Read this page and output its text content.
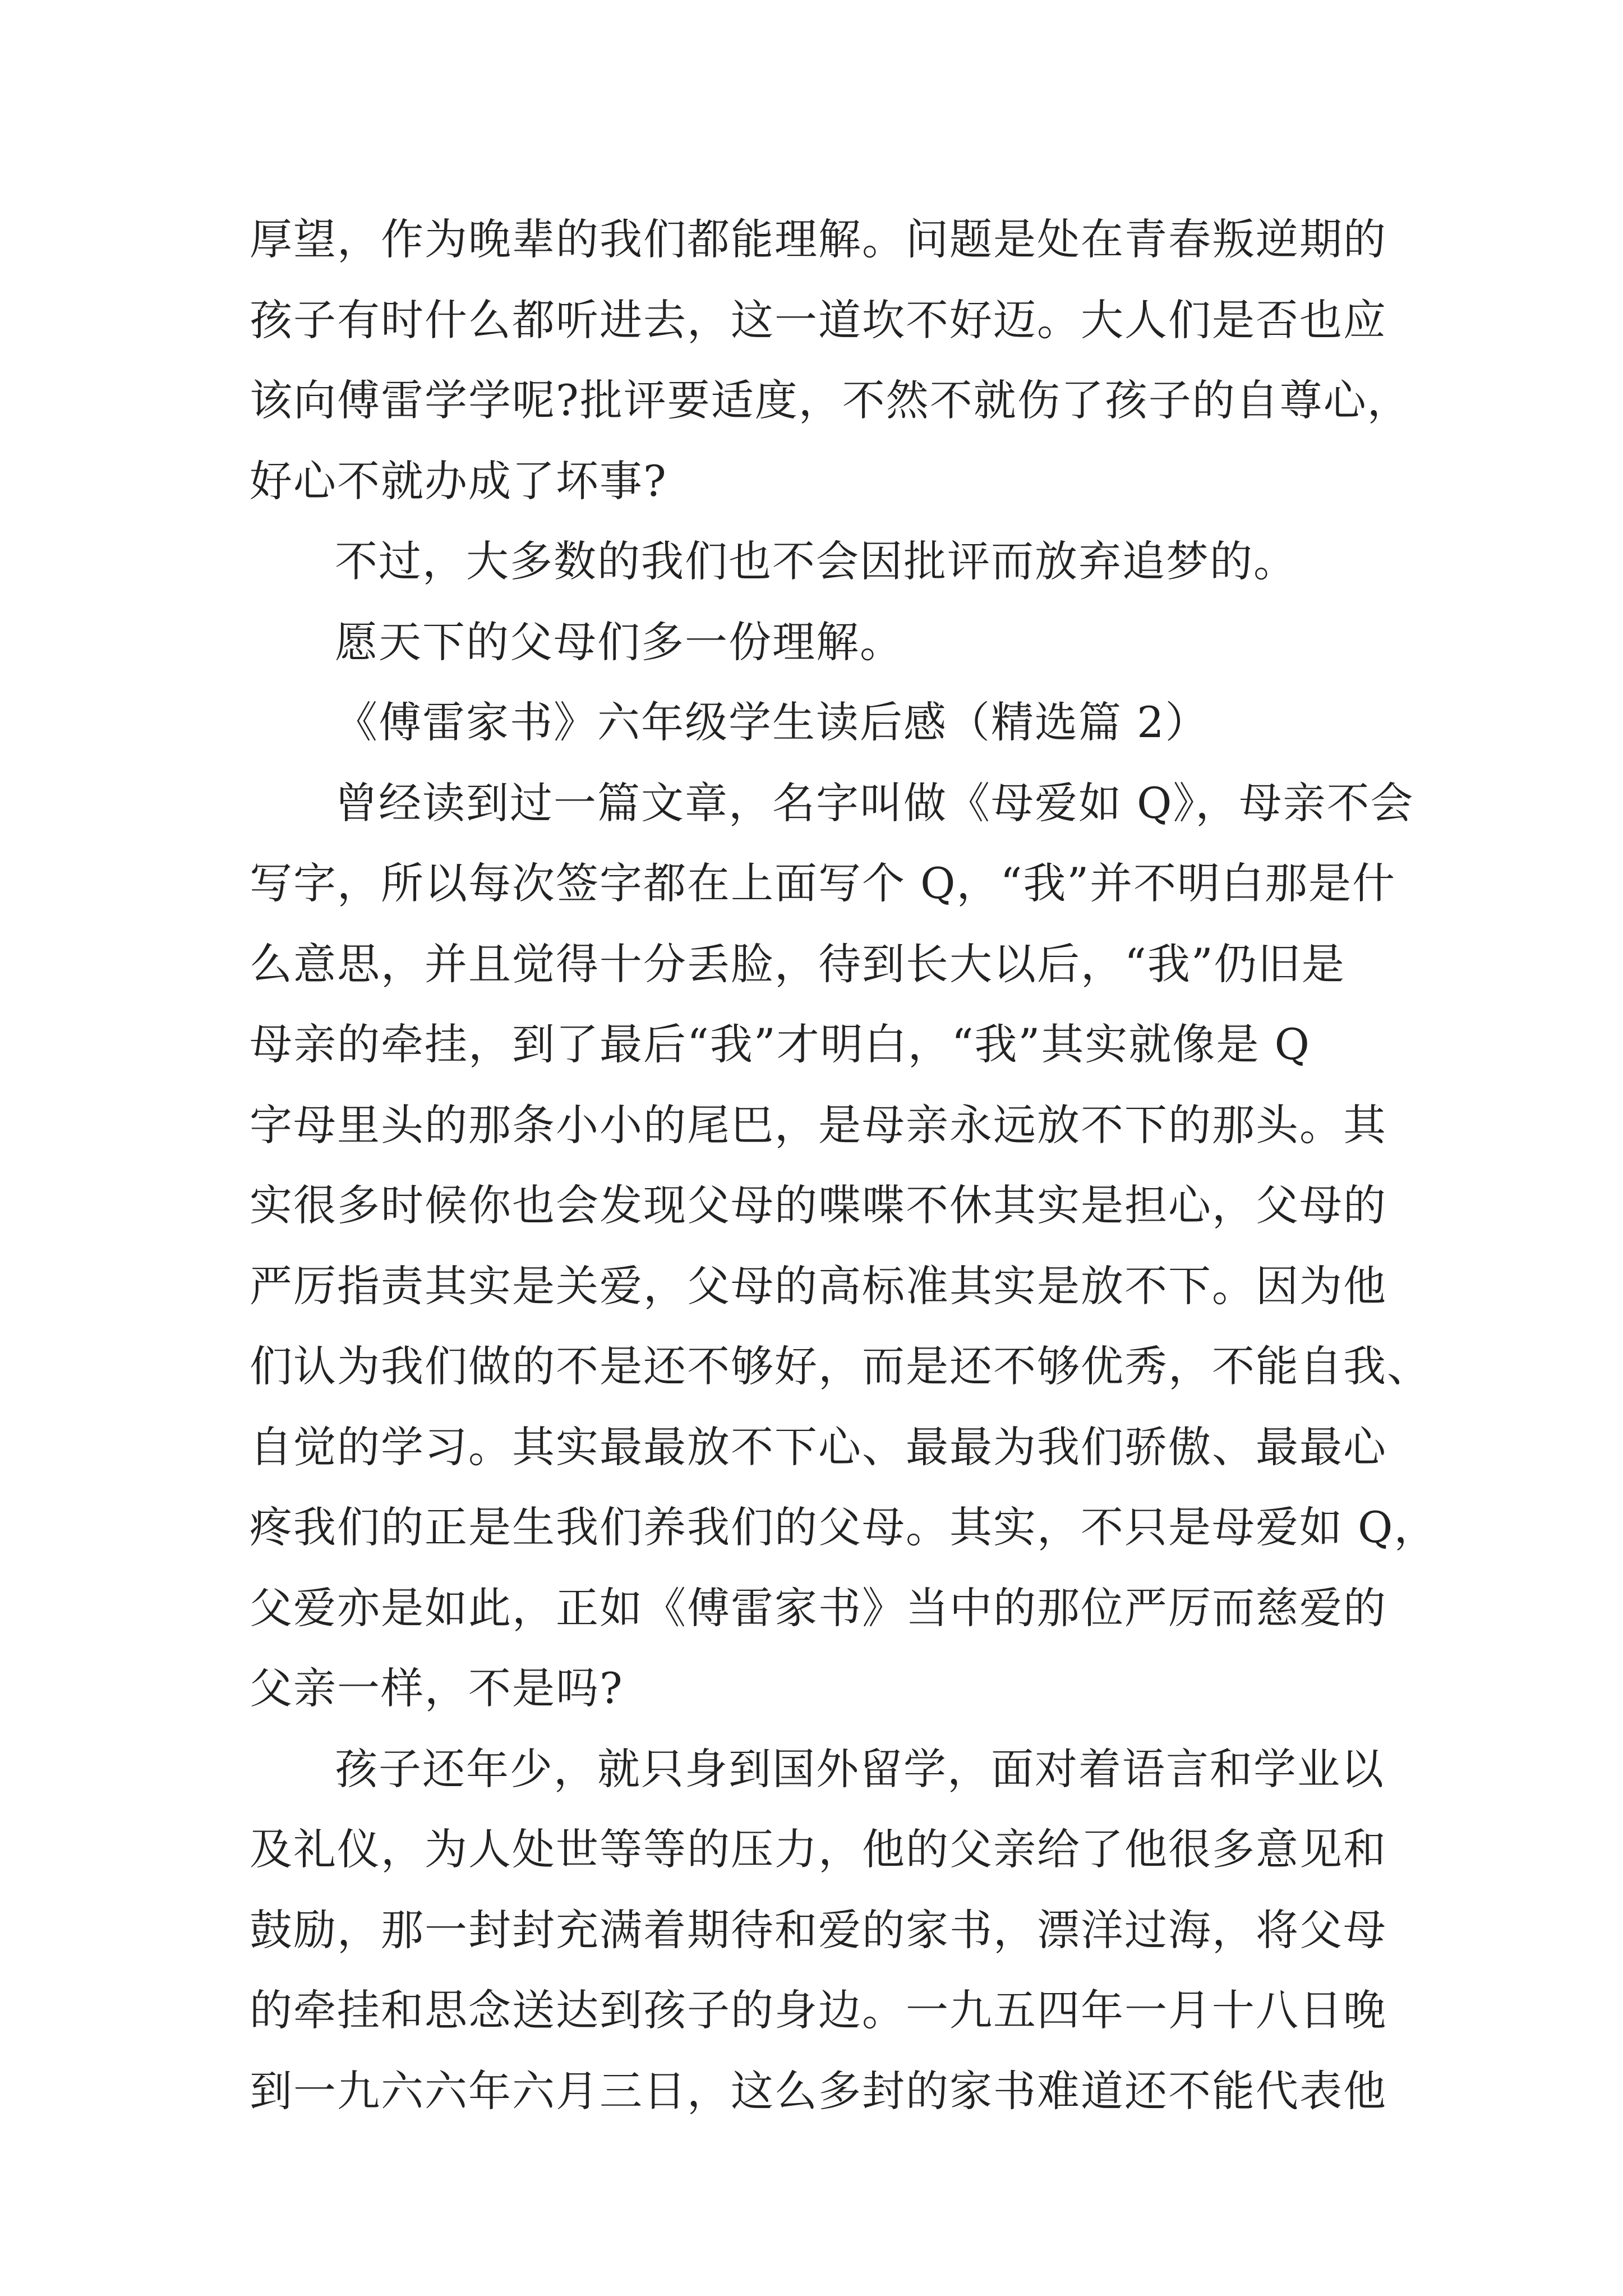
厚望，作为晚辈的我们都能理解。问题是处在青春叛逆期的
孩子有时什么都听进去，这一道坎不好迈。大人们是否也应
该向傅雷学学呢?批评要适度，不然不就伤了孩子的自尊心，
好心不就办成了坏事?
不过，大多数的我们也不会因批评而放弃追梦的。
愿天下的父母们多一份理解。
《傅雷家书》六年级学生读后感（精选篇 2）
曾经读到过一篇文章，名字叫做《母爱如 Q》，母亲不会
写字，所以每次签字都在上面写个 Q，“我”并不明白那是什
么意思，并且觉得十分丢脸，待到长大以后，“我”仍旧是
母亲的牵挂，到了最后“我”才明白，“我”其实就像是 Q
字母里头的那条小小的尾巴，是母亲永远放不下的那头。其
实很多时候你也会发现父母的喋喋不休其实是担心，父母的
严厉指责其实是关爱，父母的高标准其实是放不下。因为他
们认为我们做的不是还不够好，而是还不够优秀，不能自我、
自觉的学习。其实最最放不下心、最最为我们骄傲、最最心
疼我们的正是生我们养我们的父母。其实，不只是母爱如 Q，
父爱亦是如此，正如《傅雷家书》当中的那位严厉而慈爱的
父亲一样，不是吗?
孩子还年少，就只身到国外留学，面对着语言和学业以
及礼仪，为人处世等等的压力，他的父亲给了他很多意见和
鼓励，那一封封充满着期待和爱的家书，漂洋过海，将父母
的牵挂和思念送达到孩子的身边。一九五四年一月十八日晚
到一九六六年六月三日，这么多封的家书难道还不能代表他
